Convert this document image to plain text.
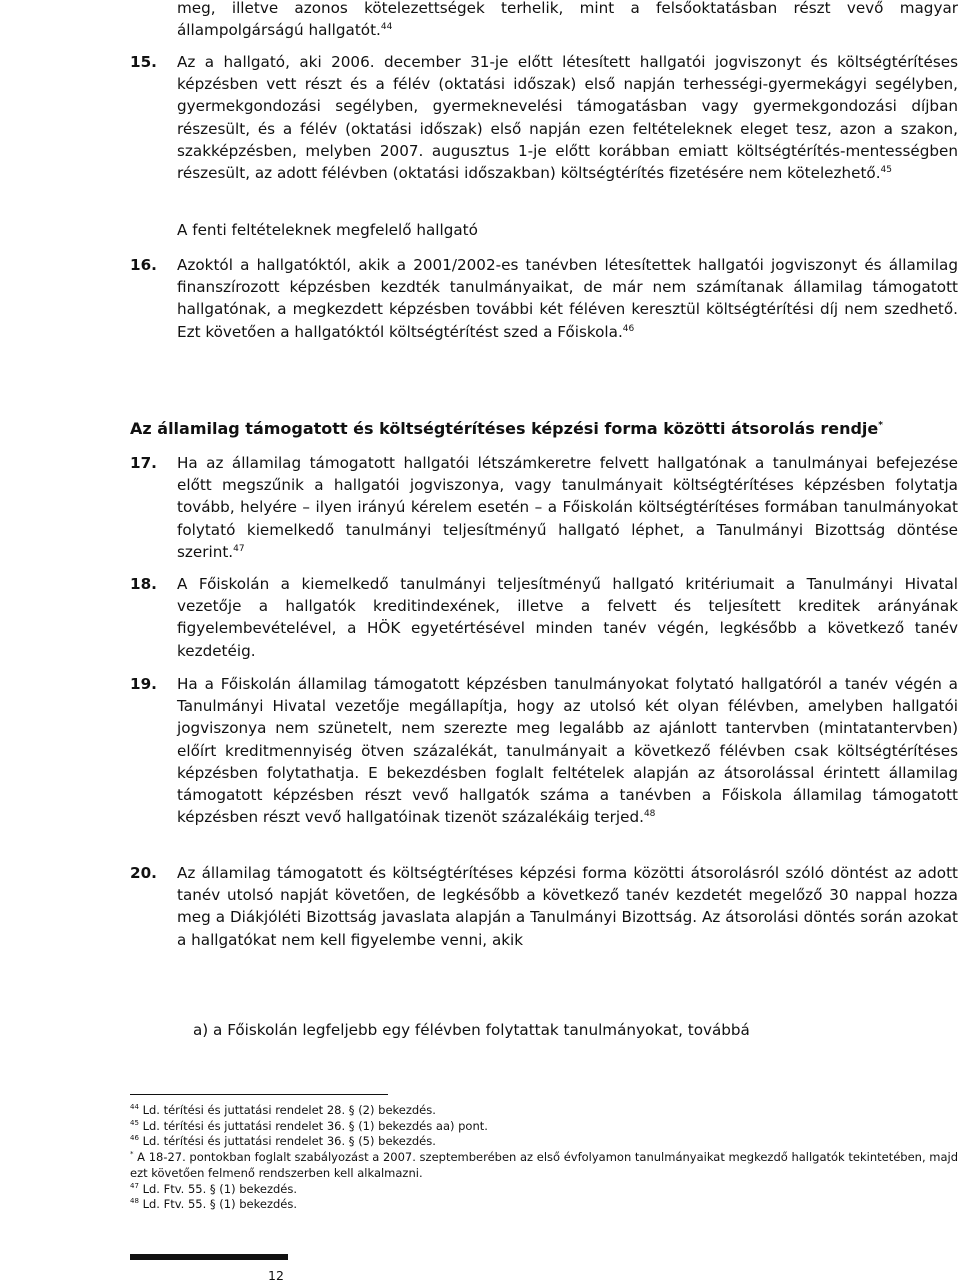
meg, illetve azonos kötelezettségek terhelik, mint a felsőoktatásban részt vevő magyar állampolgárságú hallgatót.$^{44}$

15. Az a hallgató, aki 2006. december 31-je előtt létesített hallgatói jogviszonyt és költségtérítéses képzésben vett részt és a félév (oktatási időszak) első napján terhességi-gyermekágyi segélyben, gyermekgondozási segélyben, gyermeknevelési támogatásban vagy gyermekgondozási díjban részesült, és a félév (oktatási időszak) első napján ezen feltételeknek eleget tesz, azon a szakon, szakképzésben, melyben 2007. augusztus 1-je előtt korábban emiatt költségtérítés-mentességben részesült, az adott félévben (oktatási időszakban) költségtérítés fizetésére nem kötelezhető.$^{45}$

A fenti feltételeknek megfelelő hallgató

16. Azoktól a hallgatóktól, akik a 2001/2002-es tanévben létesítettek hallgatói jogviszonyt és államilag finanszírozott képzésben kezdték tanulmányaikat, de már nem számítanak államilag támogatott hallgatónak, a megkezdett képzésben további két féléven keresztül költségtérítési díj nem szedhető. Ezt követően a hallgatóktól költségtérítést szed a Főiskola.$^{46}$

Az államilag támogatott és költségtérítéses képzési forma közötti átsorolás rendje*
17. Ha az államilag támogatott hallgatói létszámkeretre felvett hallgatónak a tanulmányai befejezése előtt megszűnik a hallgatói jogviszonya, vagy tanulmányait költségtérítéses képzésben folytatja tovább, helyére – ilyen irányú kérelem esetén – a Főiskolán költségtérítéses formában tanulmányokat folytató kiemelkedő tanulmányi teljesítményű hallgató léphet, a Tanulmányi Bizottság döntése szerint.$^{47}$

18. A Főiskolán a kiemelkedő tanulmányi teljesítményű hallgató kritériumait a Tanulmányi Hivatal vezetője a hallgatók kreditindexének, illetve a felvett és teljesített kreditek arányának figyelembevételével, a HÖK egyetértésével minden tanév végén, legkésőbb a következő tanév kezdetéig.

19. Ha a Főiskolán államilag támogatott képzésben tanulmányokat folytató hallgatóról a tanév végén a Tanulmányi Hivatal vezetője megállapítja, hogy az utolsó két olyan félévben, amelyben hallgatói jogviszonya nem szünetelt, nem szerezte meg legalább az ajánlott tantervben (mintatantervben) előírt kreditmennyiség ötven százalékát, tanulmányait a következő félévben csak költségtérítéses képzésben folytathatja. E bekezdésben foglalt feltételek alapján az átsorolással érintett államilag támogatott képzésben részt vevő hallgatók száma a tanévben a Főiskola államilag támogatott képzésben részt vevő hallgatóinak tizenöt százalékáig terjed.$^{48}$

20. Az államilag támogatott és költségtérítéses képzési forma közötti átsorolásról szóló döntést az adott tanév utolsó napját követően, de legkésőbb a következő tanév kezdetét megelőző 30 nappal hozza meg a Diákjóléti Bizottság javaslata alapján a Tanulmányi Bizottság. Az átsorolási döntés során azokat a hallgatókat nem kell figyelembe venni, akik

a) a Főiskolán legfeljebb egy félévben folytattak tanulmányokat, továbbá

$^{44}$ Ld. térítési és juttatási rendelet 28. § (2) bekezdés.

$^{45}$ Ld. térítési és juttatási rendelet 36. § (1) bekezdés aa) pont.

$^{46}$ Ld. térítési és juttatási rendelet 36. § (5) bekezdés.

* A 18-27. pontokban foglalt szabályozást a 2007. szeptemberében az első évfolyamon tanulmányaikat megkezdő hallgatók tekintetében, majd ezt követően felmenő rendszerben kell alkalmazni.

$^{47}$ Ld. Ftv. 55. § (1) bekezdés.

$^{48}$ Ld. Ftv. 55. § (1) bekezdés.

12
